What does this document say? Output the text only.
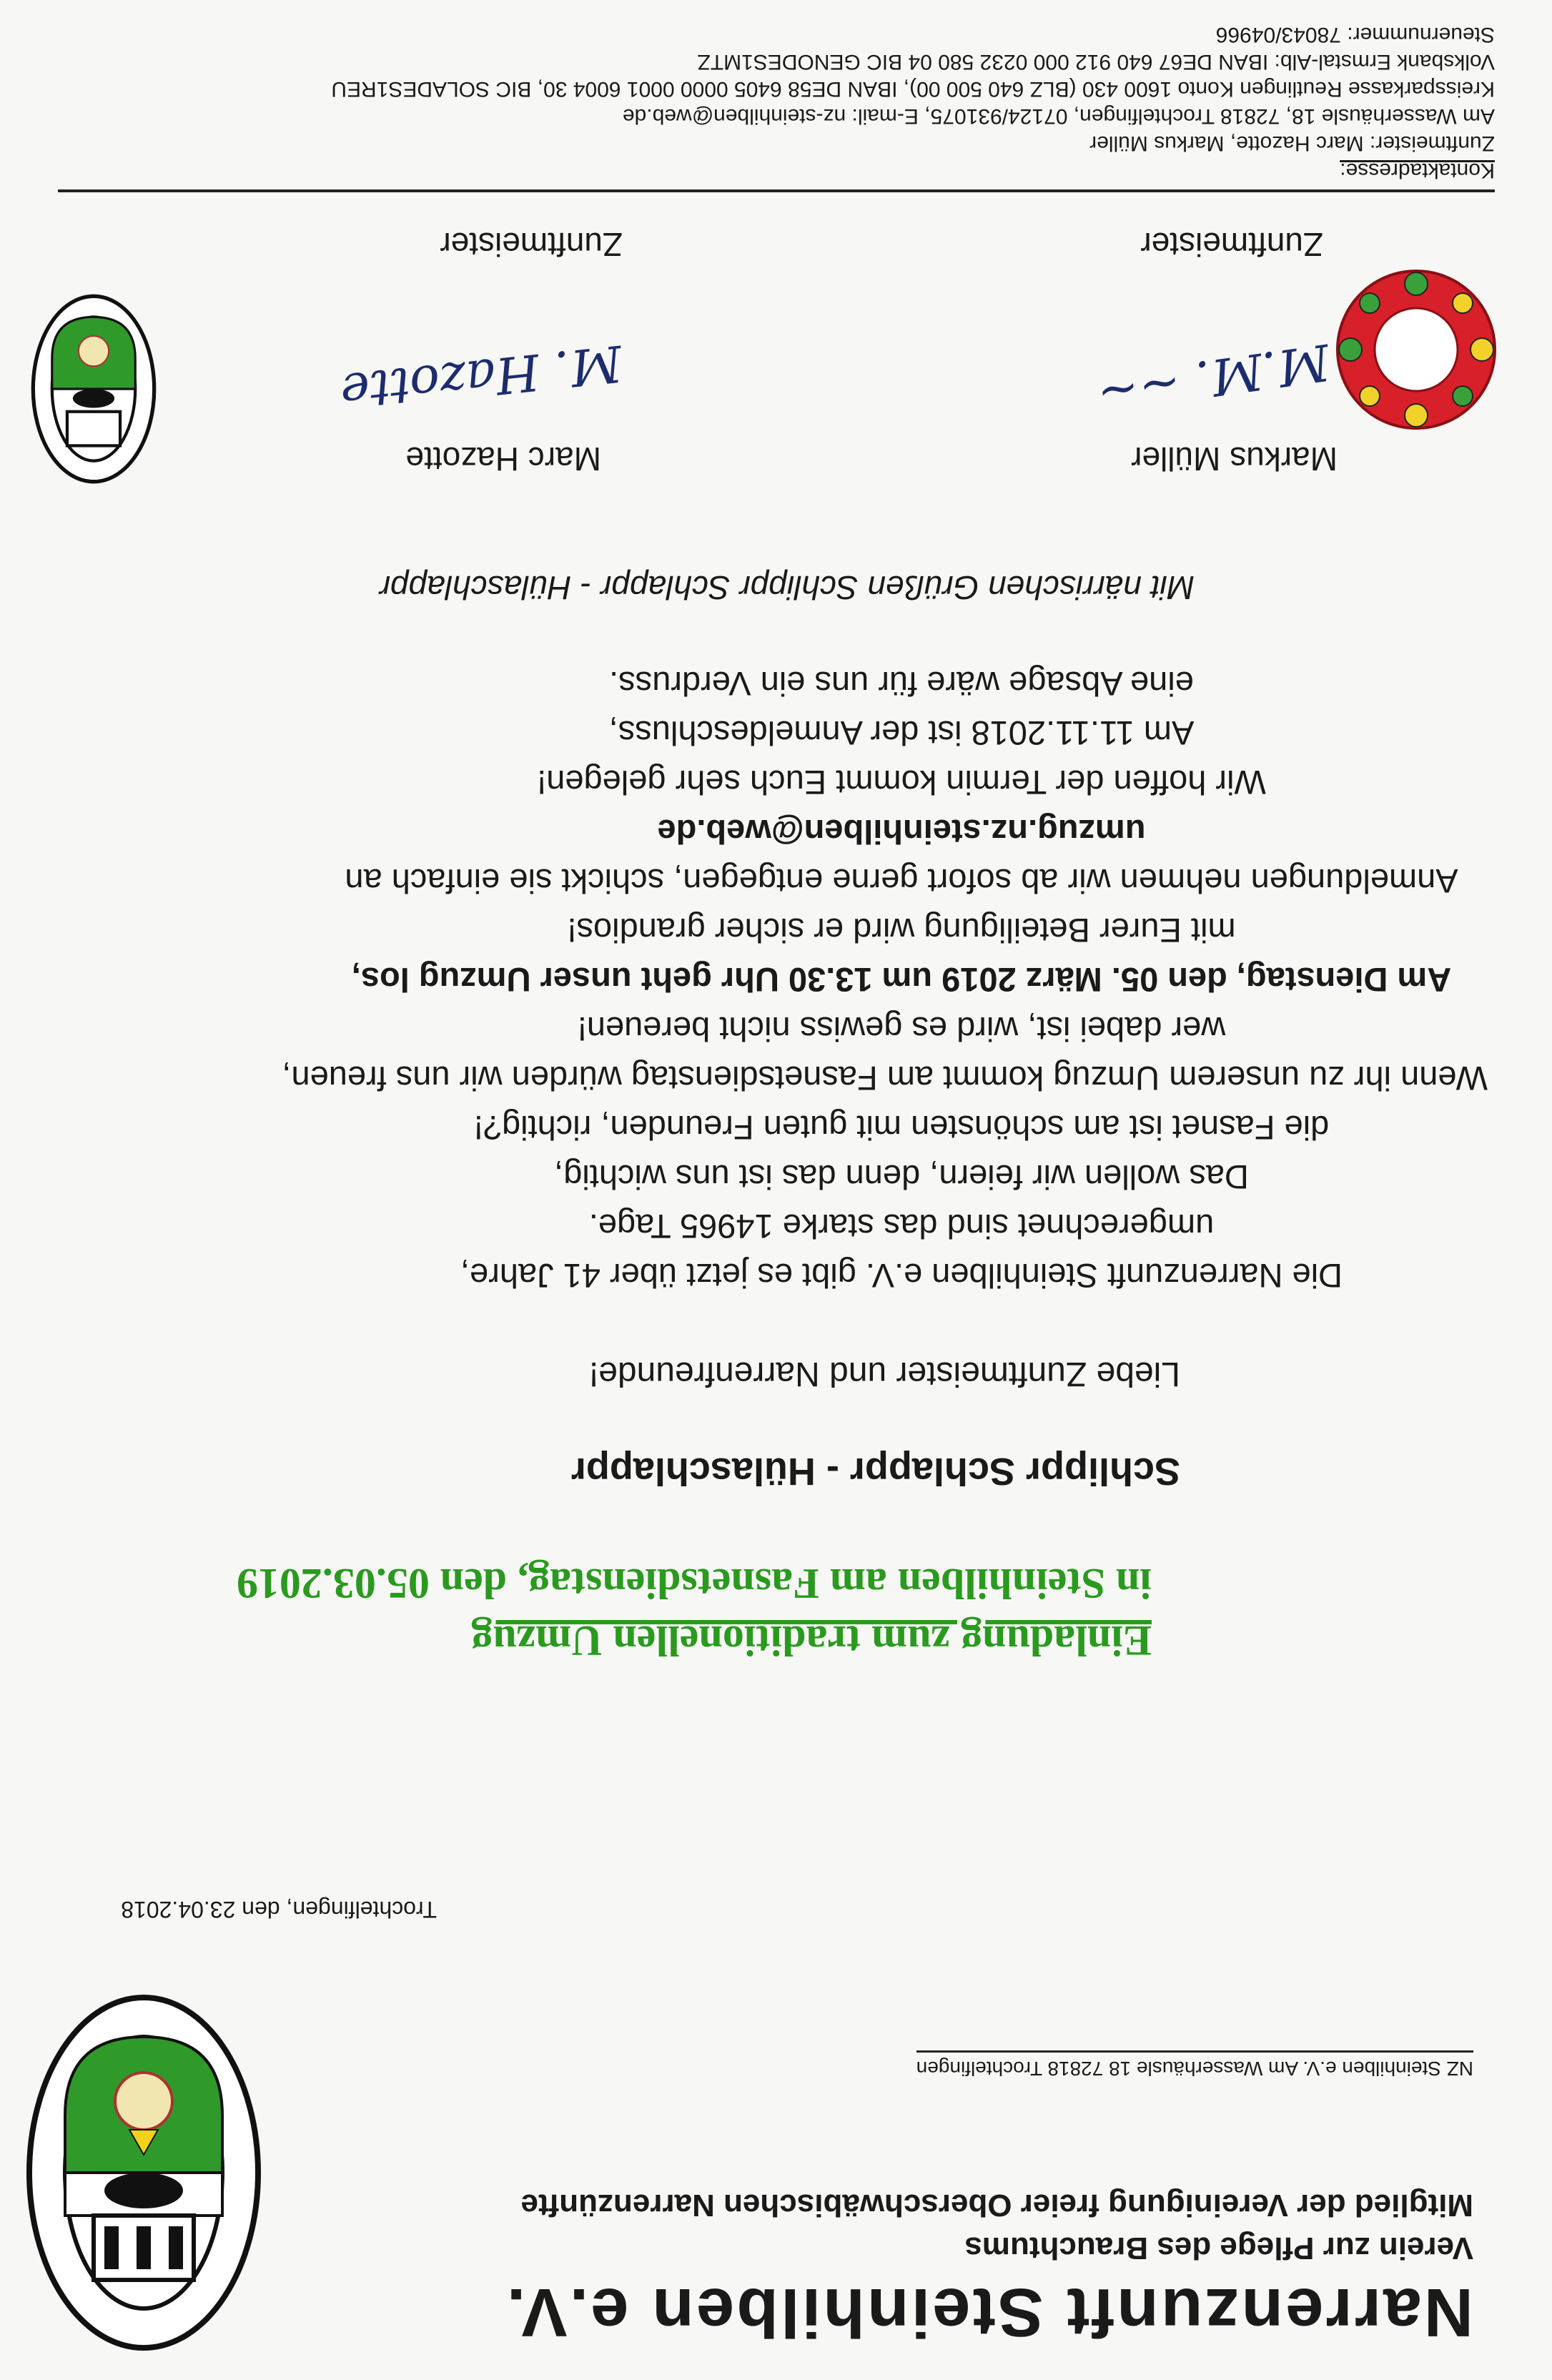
Narrenzunft Steinhilben e.V.
Verein zur Pflege des Brauchtums
Mitglied der Vereinigung freier Oberschwäbischen Narrenzünfte
NZ Steinhilben e.V. Am Wasserhäusle 18 72818 Trochtelfingen
Trochtelfingen, den 23.04.2018
Einladung zum traditionellen Umzug
in Steinhilben am Fasnetsdienstag, den 05.03.2019
Schlippr Schlappr - Hülaschlappr
Liebe Zunftmeister und Narrenfreunde!
Die Narrenzunft Steinhilben e.V. gibt es jetzt über 41 Jahre,
umgerechnet sind das starke 14965 Tage.
Das wollen wir feiern, denn das ist uns wichtig,
die Fasnet ist am schönsten mit guten Freunden, richtig?!
Wenn ihr zu unserem Umzug kommt am Fasnetsdienstag würden wir uns freuen,
wer dabei ist, wird es gewiss nicht bereuen!
Am Dienstag, den 05. März 2019 um 13.30 Uhr geht unser Umzug los,
mit Eurer Beteiligung wird er sicher grandios!
Anmeldungen nehmen wir ab sofort gerne entgegen, schickt sie einfach an
umzug.nz.steinhilben@web.de
Wir hoffen der Termin kommt Euch sehr gelegen!
Am 11.11.2018 ist der Anmeldeschluss,
eine Absage wäre für uns ein Verdruss.
Mit närrischen Grüßen Schlippr Schlappr - Hülaschlappr
Markus Müller
M.M. ~~
Zunftmeister
Marc Hazotte
M. Hazotte
Zunftmeister
Kontaktadresse:
Zunftmeister: Marc Hazotte, Markus Müller
Am Wasserhäusle 18, 72818 Trochtelfingen, 07124/931075, E-mail: nz-steinhilben@web.de
Kreissparkasse Reutlingen Konto 1600 430 (BLZ 640 500 00), IBAN DE58 6405 0000 0001 6004 30, BIC SOLADES1REU
Volksbank Ermstal-Alb: IBAN DE67 640 912 000 0232 580 04 BIC GENODES1MTZ
Steuernummer: 78043/04966
